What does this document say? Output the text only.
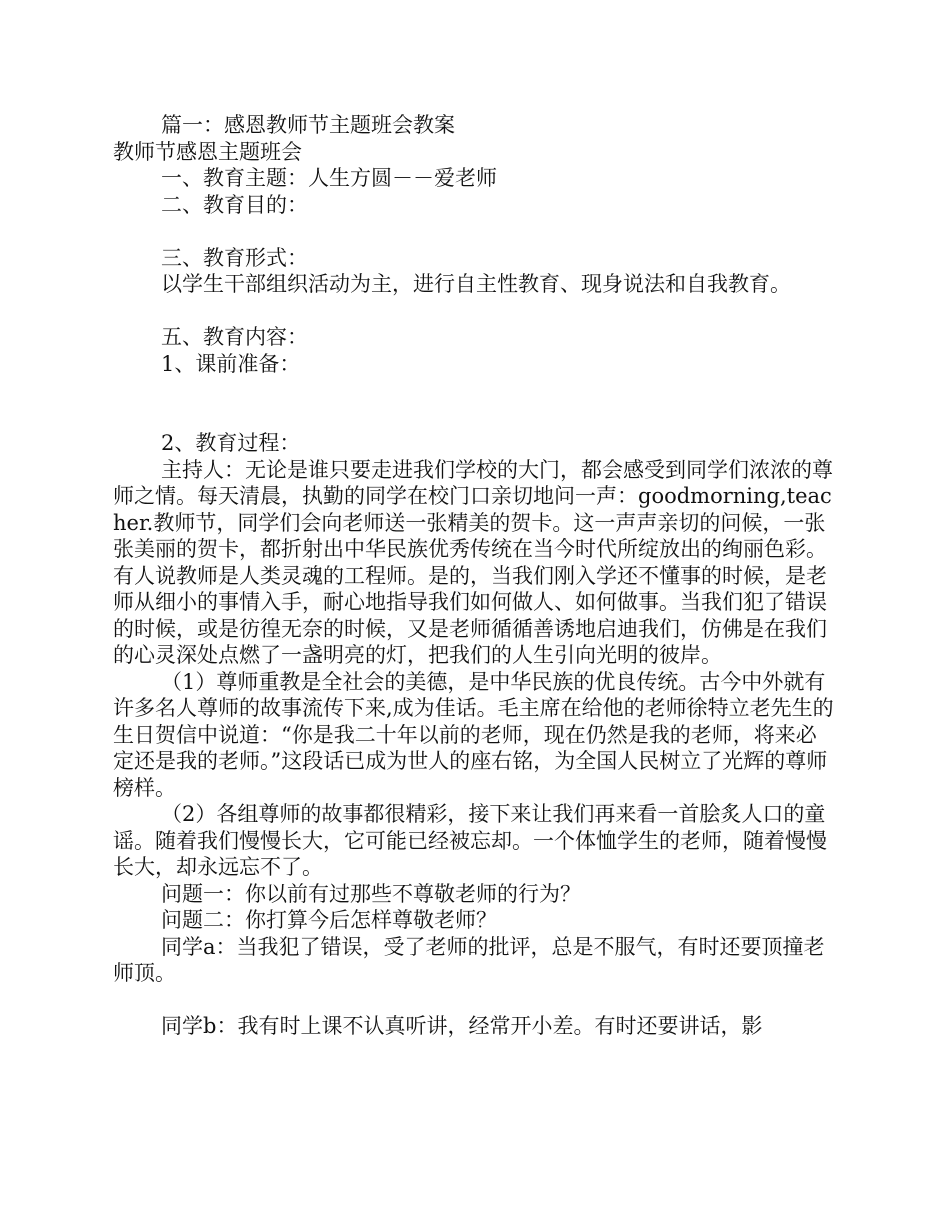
篇一：感恩教师节主题班会教案

教师节感恩主题班会

一、教育主题：人生方圆－－爱老师

二、教育目的：

三、教育形式：

以学生干部组织活动为主，进行自主性教育、现身说法和自我教育。

五、教育内容：

1、课前准备：

2、教育过程：

主持人：无论是谁只要走进我们学校的大门，都会感受到同学们浓浓的尊师之情。每天清晨，执勤的同学在校门口亲切地问一声：goodmorning,teacher.教师节，同学们会向老师送一张精美的贺卡。这一声声亲切的问候，一张张美丽的贺卡，都折射出中华民族优秀传统在当今时代所绽放出的绚丽色彩。有人说教师是人类灵魂的工程师。是的，当我们刚入学还不懂事的时候，是老师从细小的事情入手，耐心地指导我们如何做人、如何做事。当我们犯了错误的时候，或是彷徨无奈的时候，又是老师循循善诱地启迪我们，仿佛是在我们的心灵深处点燃了一盏明亮的灯，把我们的人生引向光明的彼岸。

（1）尊师重教是全社会的美德，是中华民族的优良传统。古今中外就有许多名人尊师的故事流传下来,成为佳话。毛主席在给他的老师徐特立老先生的生日贺信中说道：“你是我二十年以前的老师，现在仍然是我的老师，将来必定还是我的老师。”这段话已成为世人的座右铭，为全国人民树立了光辉的尊师榜样。

（2）各组尊师的故事都很精彩，接下来让我们再来看一首脍炙人口的童谣。随着我们慢慢长大，它可能已经被忘却。一个体恤学生的老师，随着慢慢长大，却永远忘不了。

问题一：你以前有过那些不尊敬老师的行为？

问题二：你打算今后怎样尊敬老师？

同学a：当我犯了错误，受了老师的批评，总是不服气，有时还要顶撞老师顶。

同学b：我有时上课不认真听讲，经常开小差。有时还要讲话，影
